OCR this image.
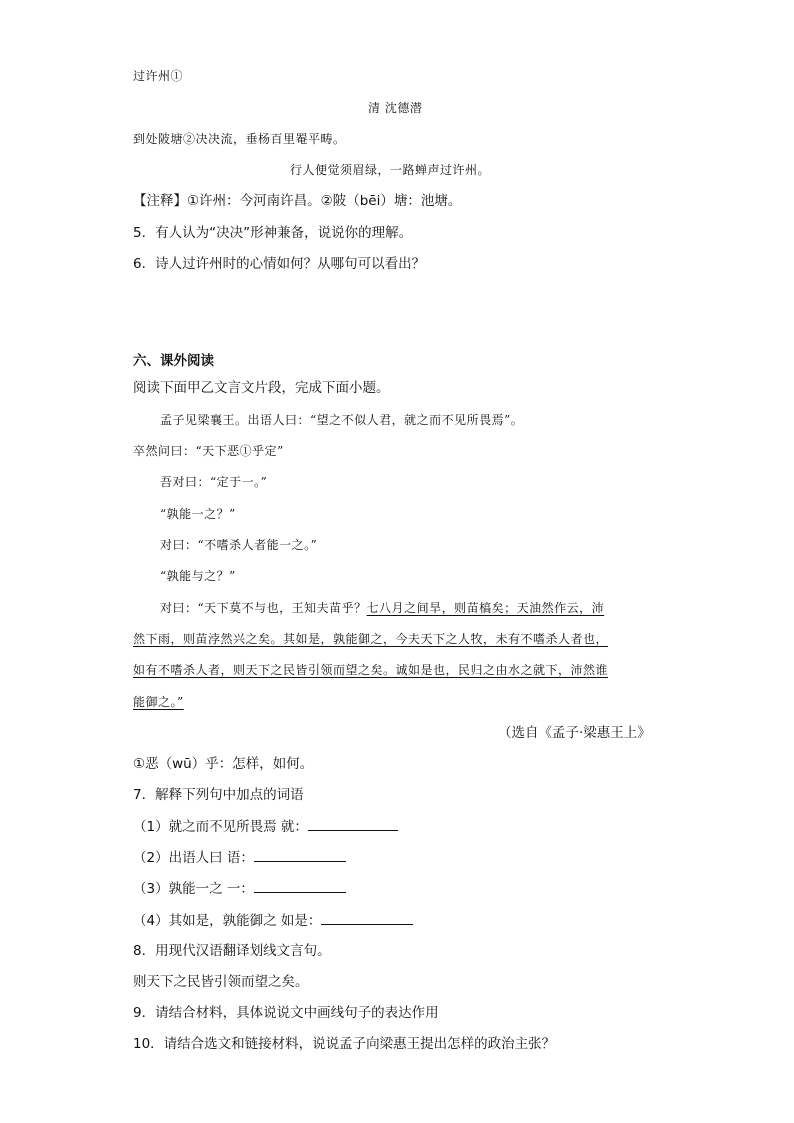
过许州①
清 沈德潜
到处陂塘②决决流，垂杨百里罨平畴。
行人便觉须眉绿，一路蝉声过许州。
【注释】①许州：今河南许昌。②陂（bēi）塘：池塘。
5．有人认为“决决”形神兼备，说说你的理解。
6．诗人过许州时的心情如何？从哪句可以看出？
六、课外阅读
阅读下面甲乙文言文片段，完成下面小题。
孟子见梁襄王。出语人曰：“望之不似人君，就之而不见所畏焉”。
卒然问曰：“天下恶①乎定”
吾对曰：“定于一。”
“孰能一之？”
对曰：“不嗜杀人者能一之。”
“孰能与之？”
对曰：“天下莫不与也，王知夫苗乎？七八月之间旱，则苗槁矣；天油然作云，沛
然下雨，则苗浡然兴之矣。其如是，孰能御之，今夫天下之人牧，未有不嗜杀人者也，
如有不嗜杀人者，则天下之民皆引领而望之矣。诚如是也，民归之由水之就下，沛然谁
能御之。”
（选自《孟子·梁惠王上》
①恶（wū）乎：怎样，如何。
7．解释下列句中加点的词语
（1）就之而不见所畏焉 就：
（2）出语人曰 语：
（3）孰能一之 一：
（4）其如是，孰能御之 如是：
8．用现代汉语翻译划线文言句。
则天下之民皆引领而望之矣。
9．请结合材料，具体说说文中画线句子的表达作用
10．请结合选文和链接材料，说说孟子向梁惠王提出怎样的政治主张？
